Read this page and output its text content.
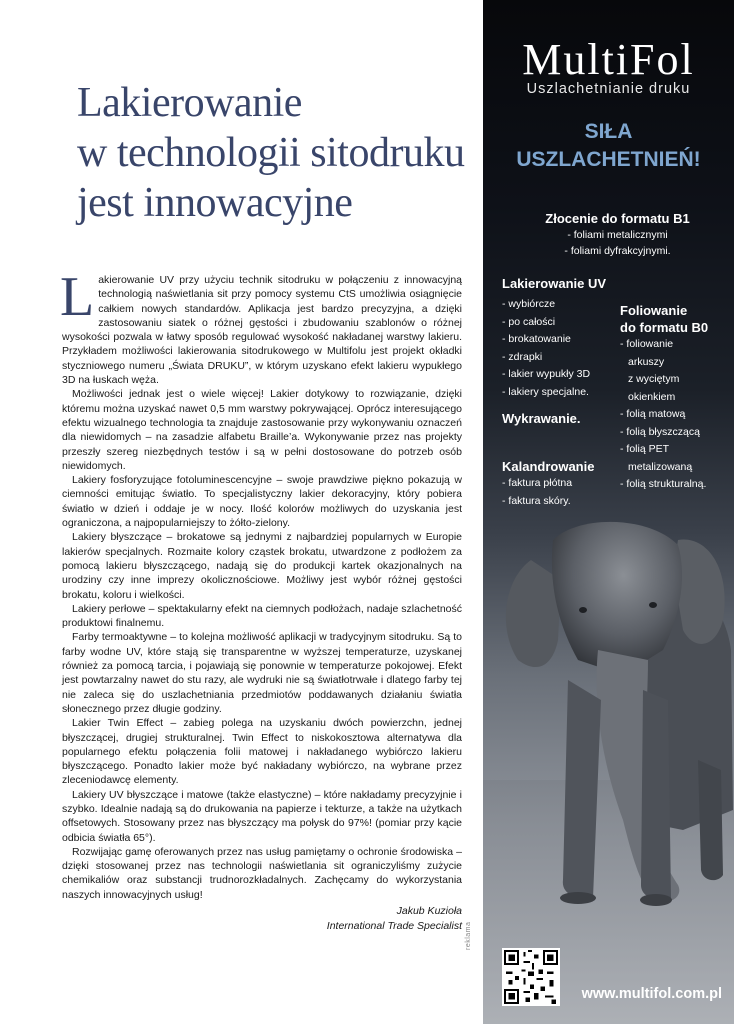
Lakierowanie
w technologii sitodruku
jest innowacyjne

Lakierowanie UV przy użyciu technik sitodruku w połączeniu z innowacyjną technologią naświetlania sit przy pomocy systemu CtS umożliwia osiągnięcie całkiem nowych standardów. Aplikacja jest bardzo precyzyjna, a dzięki zastosowaniu siatek o różnej gęstości i zbudowaniu szablonów o różnej wysokości pozwala w łatwy sposób regulować wysokość nakładanej warstwy lakieru. Przykładem możliwości lakierowania sitodrukowego w Multifolu jest projekt okładki styczniowego numeru „Świata DRUKU”, w którym uzyskano efekt lakieru wypukłego 3D na łuskach węża.

Możliwości jednak jest o wiele więcej! Lakier dotykowy to rozwiązanie, dzięki któremu można uzyskać nawet 0,5 mm warstwy pokrywającej. Oprócz interesującego efektu wizualnego technologia ta znajduje zastosowanie przy wykonywaniu oznaczeń dla niewidomych – na zasadzie alfabetu Braille’a. Wykonywanie przez nas projekty przeszły szereg niezbędnych testów i są w pełni dostosowane do potrzeb osób niewidomych.

Lakiery fosforyzujące fotoluminescencyjne – swoje prawdziwe piękno pokazują w ciemności emitując światło. To specjalistyczny lakier dekoracyjny, który pobiera światło w dzień i oddaje je w nocy. Ilość kolorów możliwych do uzyskania jest ograniczona, a najpopularniejszy to żółto-zielony.

Lakiery błyszczące – brokatowe są jednymi z najbardziej popularnych w Europie lakierów specjalnych. Rozmaite kolory cząstek brokatu, utwardzone z podłożem za pomocą lakieru błyszczącego, nadają się do produkcji kartek okazjonalnych na urodziny czy inne imprezy okolicznościowe. Możliwy jest wybór różnej gęstości brokatu, koloru i wielkości.

Lakiery perłowe – spektakularny efekt na ciemnych podłożach, nadaje szlachetność produktowi finalnemu.

Farby termoaktywne – to kolejna możliwość aplikacji w tradycyjnym sitodruku. Są to farby wodne UV, które stają się transparentne w wyższej temperaturze, uzyskanej również za pomocą tarcia, i pojawiają się ponownie w temperaturze pokojowej. Efekt jest powtarzalny nawet do stu razy, ale wydruki nie są światłotrwałe i dlatego farby tej nie zaleca się do uszlachetniania przedmiotów poddawanych działaniu światła słonecznego przez długie godziny.

Lakier Twin Effect – zabieg polega na uzyskaniu dwóch powierzchn, jednej błyszczącej, drugiej strukturalnej. Twin Effect to niskokosztowa alternatywa dla popularnego efektu połączenia folii matowej i nakładanego wybiórczo lakieru błyszczącego. Ponadto lakier może być nakładany wybiórczo, na wybrane przez zleceniodawcę elementy.

Lakiery UV błyszczące i matowe (także elastyczne) – które nakładamy precyzyjnie i szybko. Idealnie nadają są do drukowania na papierze i tekturze, a także na użytkach offsetowych. Stosowany przez nas błyszczący ma połysk do 97%! (pomiar przy kącie odbicia światła 65°).

Rozwijając gamę oferowanych przez nas usług pamiętamy o ochronie środowiska – dzięki stosowanej przez nas technologii naświetlania sit ograniczyliśmy zużycie chemikaliów oraz substancji trudnorozkładalnych. Zachęcamy do wykorzystania naszych innowacyjnych usług!

Jakub Kuzioła
International Trade Specialist reklama
MultiFol
Uszlachetnianie druku
SIŁA
USZLACHETNIEŃ!
Złocenie do formatu B1
- foliami metalicznymi
- foliami dyfrakcyjnymi.
Lakierowanie UV
- wybiórcze
- po całości
- brokatowanie
- zdrapki
- lakier wypukły 3D
- lakiery specjalne.
Foliowanie
do formatu B0
- foliowanie
arkuszy
z wyciętym
okienkiem
- folią matową
- folią błyszczącą
- folią PET
metalizowaną
- folią strukturalną.
Wykrawanie.
Kalandrowanie
- faktura płótna
- faktura skóry.
www.multifol.com.pl
